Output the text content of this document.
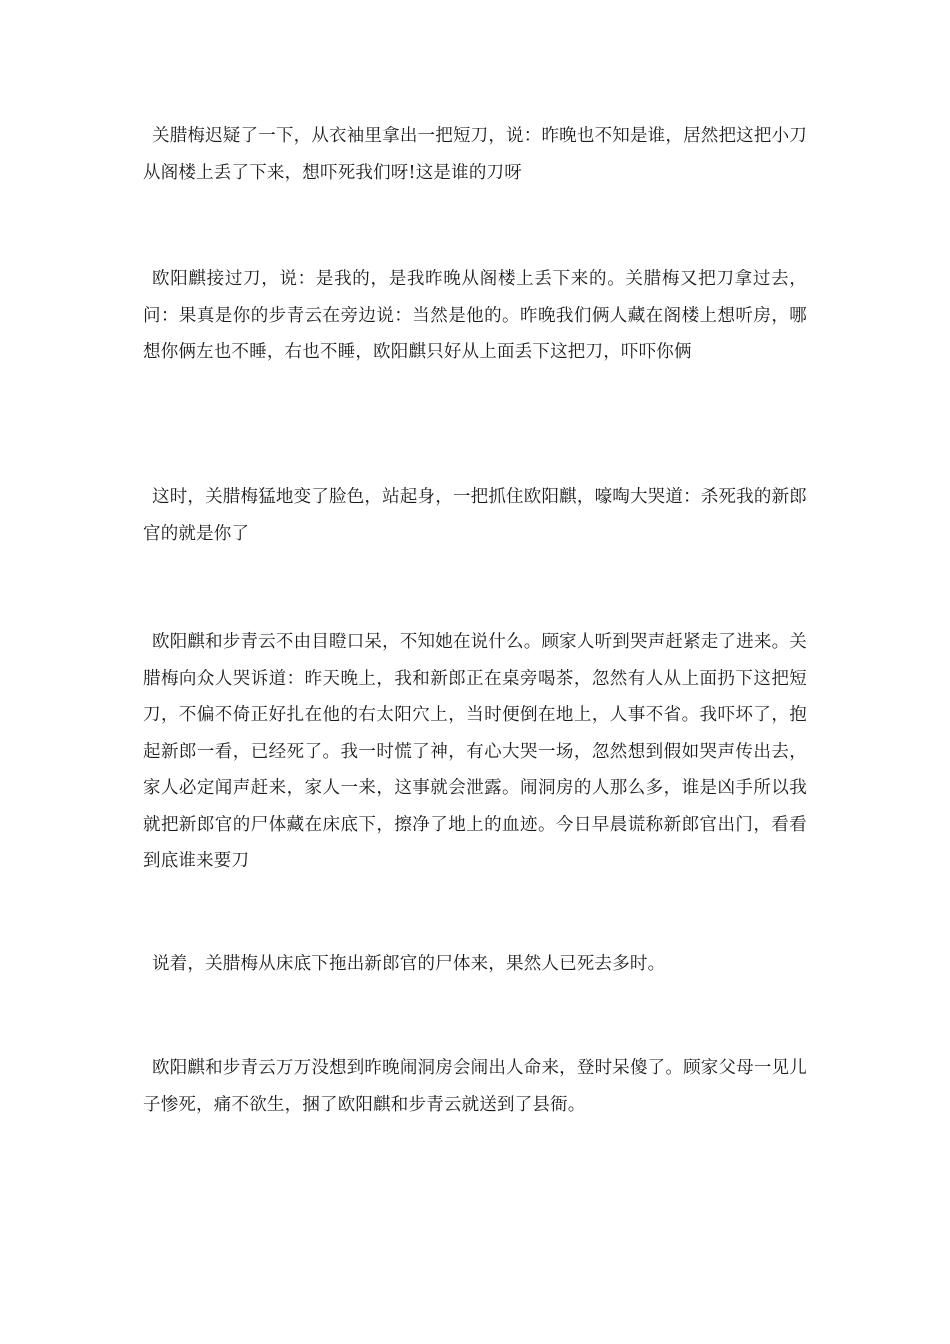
关腊梅迟疑了一下，从衣袖里拿出一把短刀，说：昨晚也不知是谁，居然把这把小刀从阁楼上丢了下来，想吓死我们呀!这是谁的刀呀

欧阳麒接过刀，说：是我的，是我昨晚从阁楼上丢下来的。关腊梅又把刀拿过去，问：果真是你的步青云在旁边说：当然是他的。昨晚我们俩人藏在阁楼上想听房，哪想你俩左也不睡，右也不睡，欧阳麒只好从上面丢下这把刀，吓吓你俩

这时，关腊梅猛地变了脸色，站起身，一把抓住欧阳麒，嚎啕大哭道：杀死我的新郎官的就是你了

欧阳麒和步青云不由目瞪口呆，不知她在说什么。顾家人听到哭声赶紧走了进来。关腊梅向众人哭诉道：昨天晚上，我和新郎正在桌旁喝茶，忽然有人从上面扔下这把短刀，不偏不倚正好扎在他的右太阳穴上，当时便倒在地上，人事不省。我吓坏了，抱起新郎一看，已经死了。我一时慌了神，有心大哭一场，忽然想到假如哭声传出去，家人必定闻声赶来，家人一来，这事就会泄露。闹洞房的人那么多，谁是凶手所以我就把新郎官的尸体藏在床底下，擦净了地上的血迹。今日早晨谎称新郎官出门，看看到底谁来要刀

说着，关腊梅从床底下拖出新郎官的尸体来，果然人已死去多时。

欧阳麒和步青云万万没想到昨晚闹洞房会闹出人命来，登时呆傻了。顾家父母一见儿子惨死，痛不欲生，捆了欧阳麒和步青云就送到了县衙。
